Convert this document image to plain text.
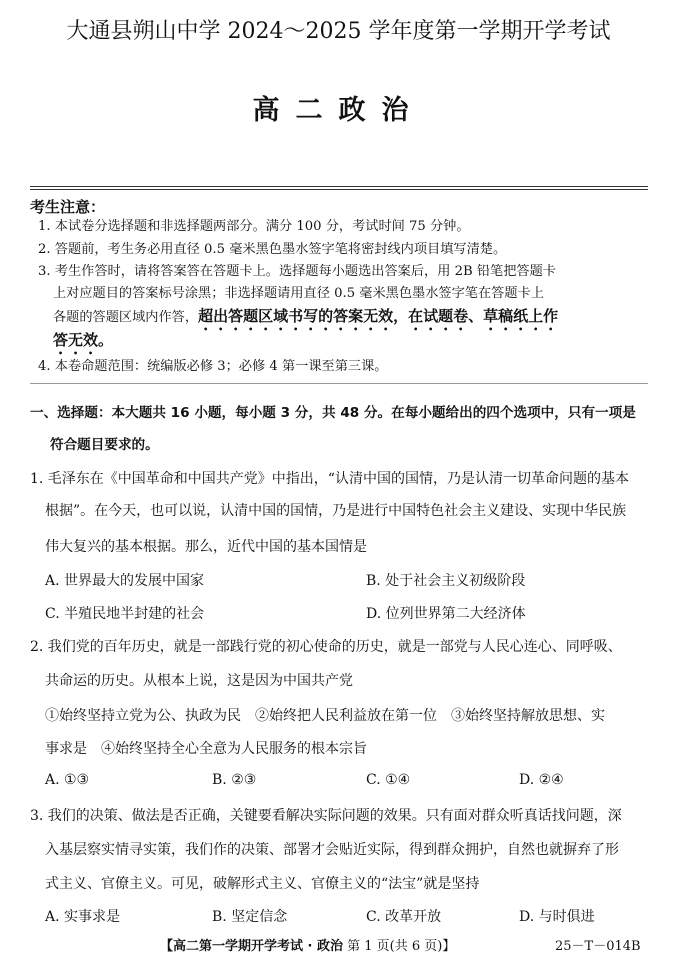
大通县朔山中学 2024～2025 学年度第一学期开学考试
高二政治
考生注意：
1. 本试卷分选择题和非选择题两部分。满分 100 分，考试时间 75 分钟。
2. 答题前，考生务必用直径 0.5 毫米黑色墨水签字笔将密封线内项目填写清楚。
3. 考生作答时，请将答案答在答题卡上。选择题每小题选出答案后，用 2B 铅笔把答题卡
上对应题目的答案标号涂黑；非选择题请用直径 0.5 毫米黑色墨水签字笔在答题卡上
各题的答题区域内作答，超出答题区域书写的答案无效，在试题卷、草稿纸上作
答无效。
4. 本卷命题范围：统编版必修 3；必修 4 第一课至第三课。
一、选择题：本大题共 16 小题，每小题 3 分，共 48 分。在每小题给出的四个选项中，只有一项是
符合题目要求的。
1. 毛泽东在《中国革命和中国共产党》中指出，“认清中国的国情，乃是认清一切革命问题的基本
根据”。在今天，也可以说，认清中国的国情，乃是进行中国特色社会主义建设、实现中华民族
伟大复兴的基本根据。那么，近代中国的基本国情是
A. 世界最大的发展中国家	B. 处于社会主义初级阶段
C. 半殖民地半封建的社会	D. 位列世界第二大经济体
2. 我们党的百年历史，就是一部践行党的初心使命的历史，就是一部党与人民心连心、同呼吸、
共命运的历史。从根本上说，这是因为中国共产党
①始终坚持立党为公、执政为民　②始终把人民利益放在第一位　③始终坚持解放思想、实
事求是　④始终坚持全心全意为人民服务的根本宗旨
A. ①③	B. ②③	C. ①④	D. ②④
3. 我们的决策、做法是否正确，关键要看解决实际问题的效果。只有面对群众听真话找问题，深
入基层察实情寻实策，我们作的决策、部署才会贴近实际，得到群众拥护，自然也就摒弃了形
式主义、官僚主义。可见，破解形式主义、官僚主义的“法宝”就是坚持
A. 实事求是	B. 坚定信念	C. 改革开放	D. 与时俱进
【高二第一学期开学考试 · 政治 第 1 页(共 6 页)】	25－T－014B
